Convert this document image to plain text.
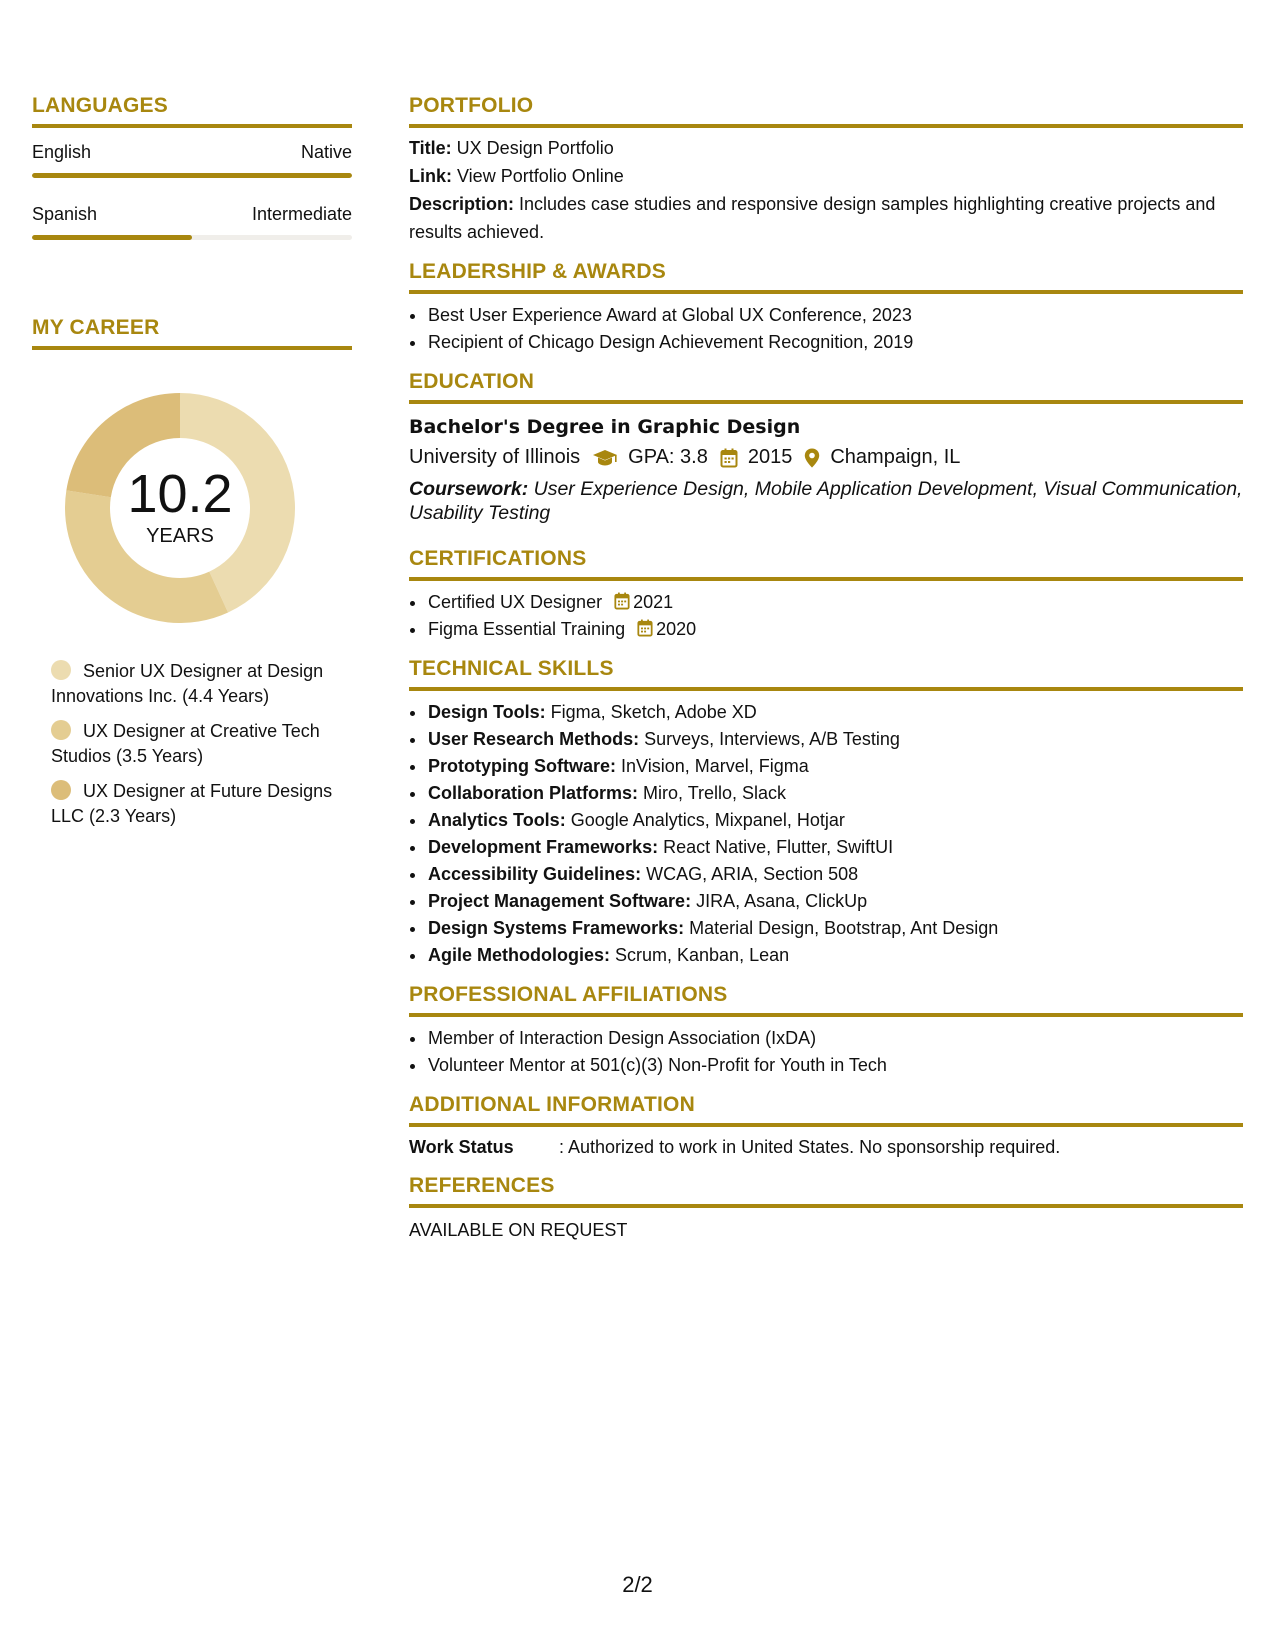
LANGUAGES
English	Native
Spanish	Intermediate
MY CAREER
10.2
YEARS
Senior UX Designer at Design Innovations Inc. (4.4 Years)
UX Designer at Creative Tech Studios (3.5 Years)
UX Designer at Future Designs LLC (2.3 Years)
PORTFOLIO
Title: UX Design Portfolio
Link: View Portfolio Online
Description: Includes case studies and responsive design samples highlighting creative projects and results achieved.
LEADERSHIP & AWARDS
• Best User Experience Award at Global UX Conference, 2023
• Recipient of Chicago Design Achievement Recognition, 2019
EDUCATION
Bachelor's Degree in Graphic Design
University of Illinois GPA: 3.8 2015 Champaign, IL
Coursework: User Experience Design, Mobile Application Development, Visual Communication, Usability Testing
CERTIFICATIONS
• Certified UX Designer 2021
• Figma Essential Training 2020
TECHNICAL SKILLS
• Design Tools: Figma, Sketch, Adobe XD
• User Research Methods: Surveys, Interviews, A/B Testing
• Prototyping Software: InVision, Marvel, Figma
• Collaboration Platforms: Miro, Trello, Slack
• Analytics Tools: Google Analytics, Mixpanel, Hotjar
• Development Frameworks: React Native, Flutter, SwiftUI
• Accessibility Guidelines: WCAG, ARIA, Section 508
• Project Management Software: JIRA, Asana, ClickUp
• Design Systems Frameworks: Material Design, Bootstrap, Ant Design
• Agile Methodologies: Scrum, Kanban, Lean
PROFESSIONAL AFFILIATIONS
• Member of Interaction Design Association (IxDA)
• Volunteer Mentor at 501(c)(3) Non-Profit for Youth in Tech
ADDITIONAL INFORMATION
Work Status	: Authorized to work in United States. No sponsorship required.
REFERENCES
AVAILABLE ON REQUEST
2/2
